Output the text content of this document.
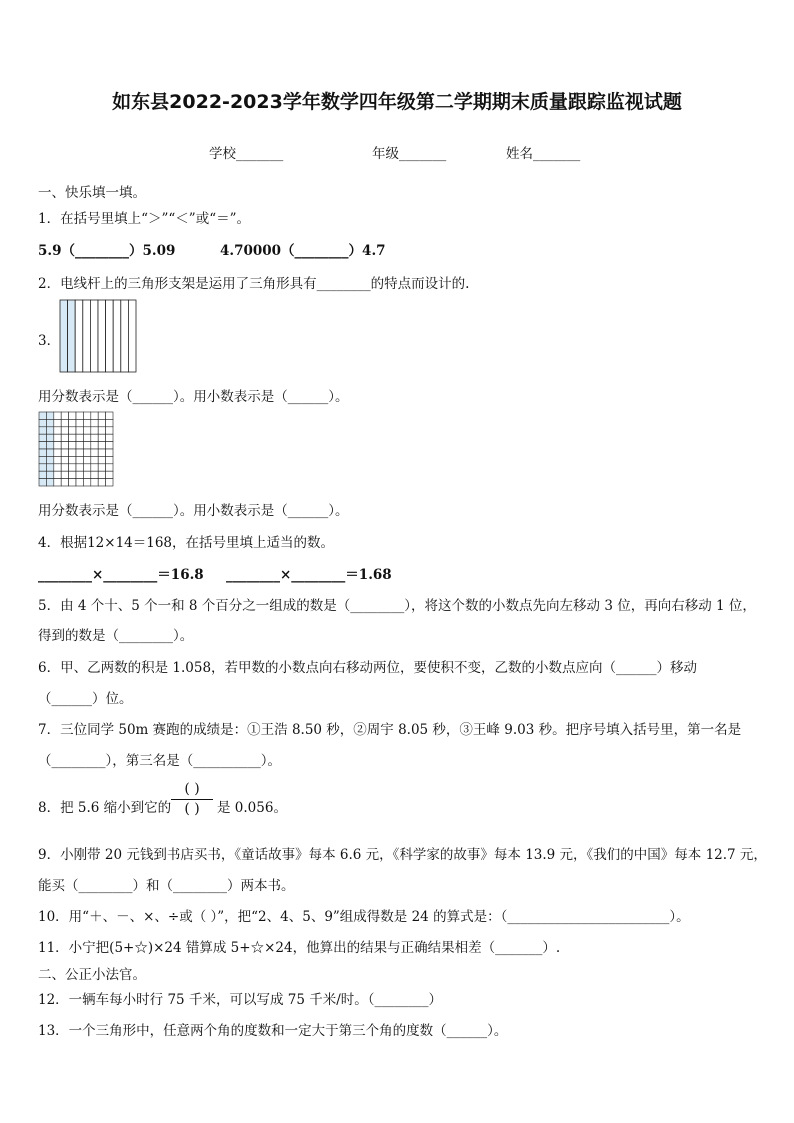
如东县2022-2023学年数学四年级第二学期期末质量跟踪监视试题
学校_______	年级_______	姓名_______
一、快乐填一填。
1．在括号里填上“＞”“＜”或“＝”。
5.9（________）5.09	4.70000（________）4.7
2．电线杆上的三角形支架是运用了三角形具有________的特点而设计的.
3．
用分数表示是（______）。用小数表示是（______）。
用分数表示是（______）。用小数表示是（______）。
4．根据12×14＝168，在括号里填上适当的数。
________×________＝16.8 ________×________＝1.68
5．由 4 个十、5 个一和 8 个百分之一组成的数是（________），将这个数的小数点先向左移动 3 位，再向右移动 1 位，
得到的数是（________）。
6．甲、乙两数的积是 1.058，若甲数的小数点向右移动两位，要使积不变，乙数的小数点应向（______）移动
（______）位。
7．三位同学 50m 赛跑的成绩是：①王浩 8.50 秒，②周宇 8.05 秒，③王峰 9.03 秒。把序号填入括号里，第一名是
（________），第三名是（__________）。
8．把 5.6 缩小到它的
( )
( )	是 0.056。
9．小刚带 20 元钱到书店买书，《童话故事》每本 6.6 元，《科学家的故事》每本 13.9 元，《我们的中国》每本 12.7 元，
能买（________）和（________）两本书。
10．用“＋、－、×、÷或（ ）”，把“2、4、5、9”组成得数是 24 的算式是：（________________________）。
11．小宁把(5+☆)×24 错算成 5+☆×24，他算出的结果与正确结果相差（_______）.
二、公正小法官。
12．一辆车每小时行 75 千米，可以写成 75 千米/时。（________）
13．一个三角形中，任意两个角的度数和一定大于第三个角的度数（______）。
